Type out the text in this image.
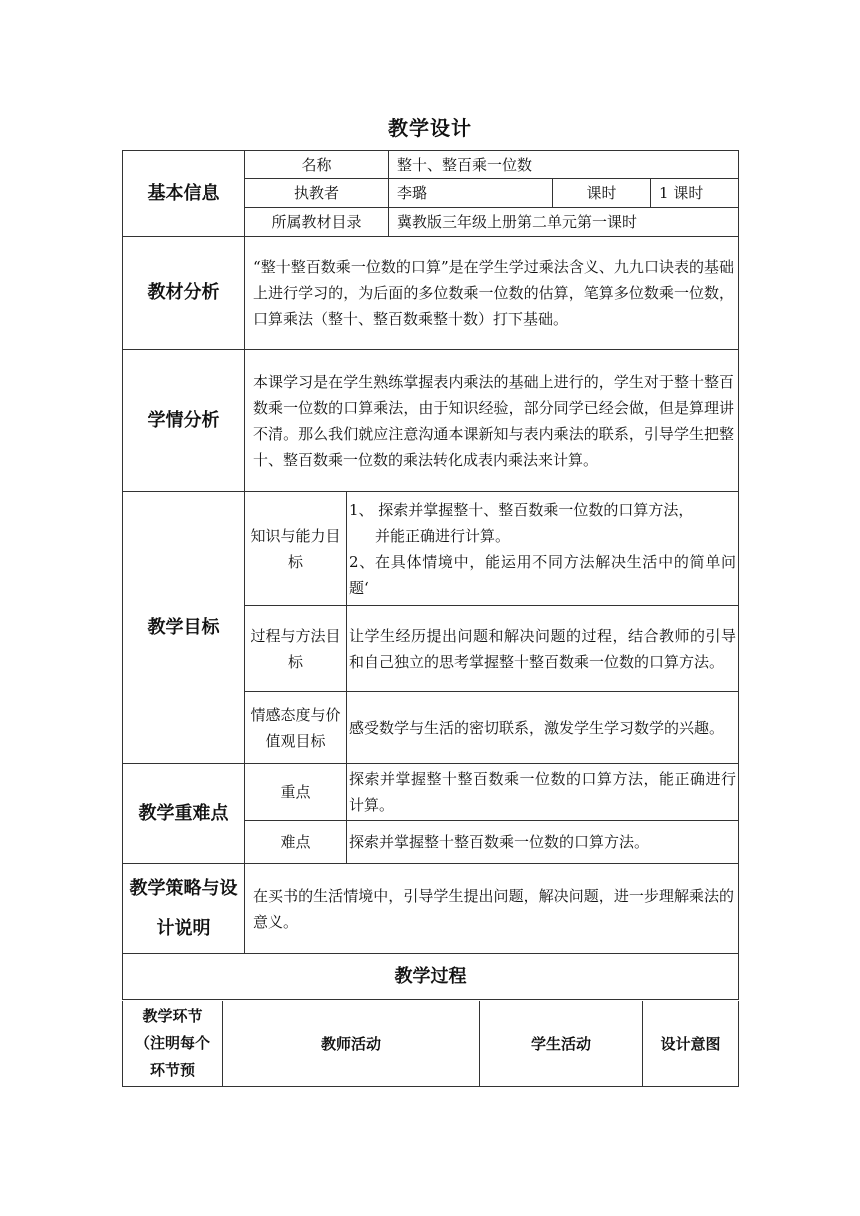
教学设计
基本信息	名称		整十、整百乘一位数		
	执教者		李璐	课时	1 课时
	所属教材目录		冀教版三年级上册第二单元第一课时		
教材分析	“整十整百数乘一位数的口算”是在学生学过乘法含义、九九口诀表的基础上进行学习的，为后面的多位数乘一位数的估算，笔算多位数乘一位数，口算乘法（整十、整百数乘整十数）打下基础。				
学情分析	本课学习是在学生熟练掌握表内乘法的基础上进行的，学生对于整十整百数乘一位数的口算乘法，由于知识经验，部分同学已经会做，但是算理讲不清。那么我们就应注意沟通本课新知与表内乘法的联系，引导学生把整十、整百数乘一位数的乘法转化成表内乘法来计算。				
教学目标	知识与能力目标	1、 探索并掌握整十、整百数乘一位数的口算方法，
并能正确进行计算。
2、在具体情境中，能运用不同方法解决生活中的简单问题‘			

	过程与方法目标	让学生经历提出问题和解决问题的过程，结合教师的引导和自己独立的思考掌握整十整百数乘一位数的口算方法。			
	情感态度与价值观目标	感受数学与生活的密切联系，激发学生学习数学的兴趣。			
教学重难点	重点	探索并掌握整十整百数乘一位数的口算方法，能正确进行计算。			
	难点	探索并掌握整十整百数乘一位数的口算方法。			
教学策略与设计说明	在买书的生活情境中，引导学生提出问题，解决问题，进一步理解乘法的意义。				
教学过程					
教学环节（注明每个环节预	教师活动	学生活动	设计意图
